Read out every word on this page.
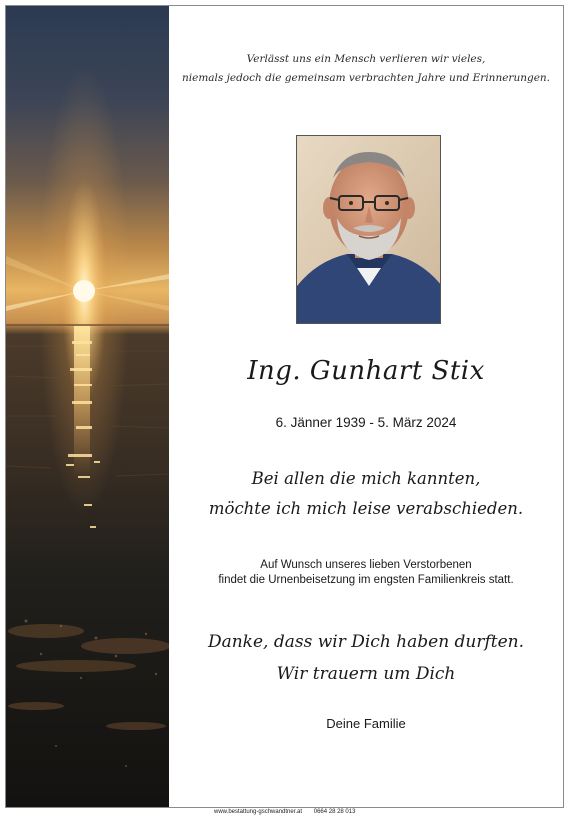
Verlässt uns ein Mensch verlieren wir vieles,
niemals jedoch die gemeinsam verbrachten Jahre und Erinnerungen.
Ing. Gunhart Stix
6. Jänner 1939 - 5. März 2024
Bei allen die mich kannten,
möchte ich mich leise verabschieden.
Auf Wunsch unseres lieben Verstorbenen
findet die Urnenbeisetzung im engsten Familienkreis statt.
Danke, dass wir Dich haben durften.
Wir trauern um Dich
Deine Familie
www.bestattung-gschwandtner.at 0664 28 28 013
